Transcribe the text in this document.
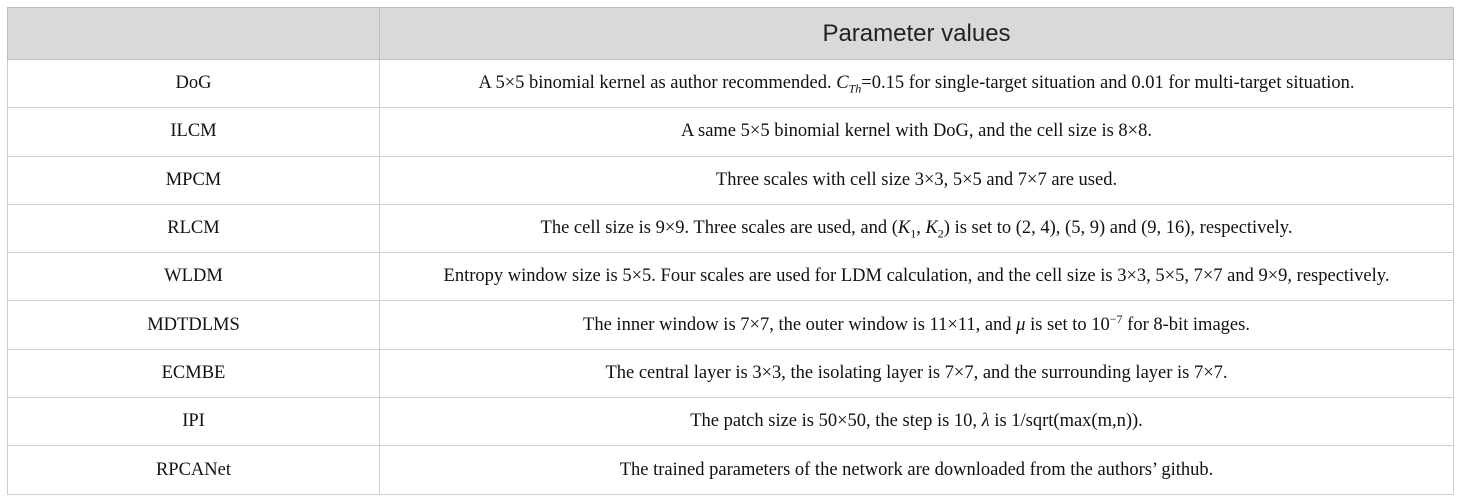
	Parameter values
DoG	A 5×5 binomial kernel as author recommended. $C_{Th}=0.15$ for single-target situation and 0.01 for multi-target situation.
ILCM	A same 5×5 binomial kernel with DoG, and the cell size is 8×8.
MPCM	Three scales with cell size 3×3, 5×5 and 7×7 are used.
RLCM	The cell size is 9×9. Three scales are used, and ($K_1$, $K_2$) is set to (2, 4), (5, 9) and (9, 16), respectively.
WLDM	Entropy window size is 5×5. Four scales are used for LDM calculation, and the cell size is 3×3, 5×5, 7×7 and 9×9, respectively.
MDTDLMS	The inner window is 7×7, the outer window is 11×11, and μ is set to $10^{-7}$ for 8-bit images.
ECMBE	The central layer is 3×3, the isolating layer is 7×7, and the surrounding layer is 7×7.
IPI	The patch size is 50×50, the step is 10, λ is 1/sqrt(max(m,n)).
RPCANet	The trained parameters of the network are downloaded from the authors’ github.
